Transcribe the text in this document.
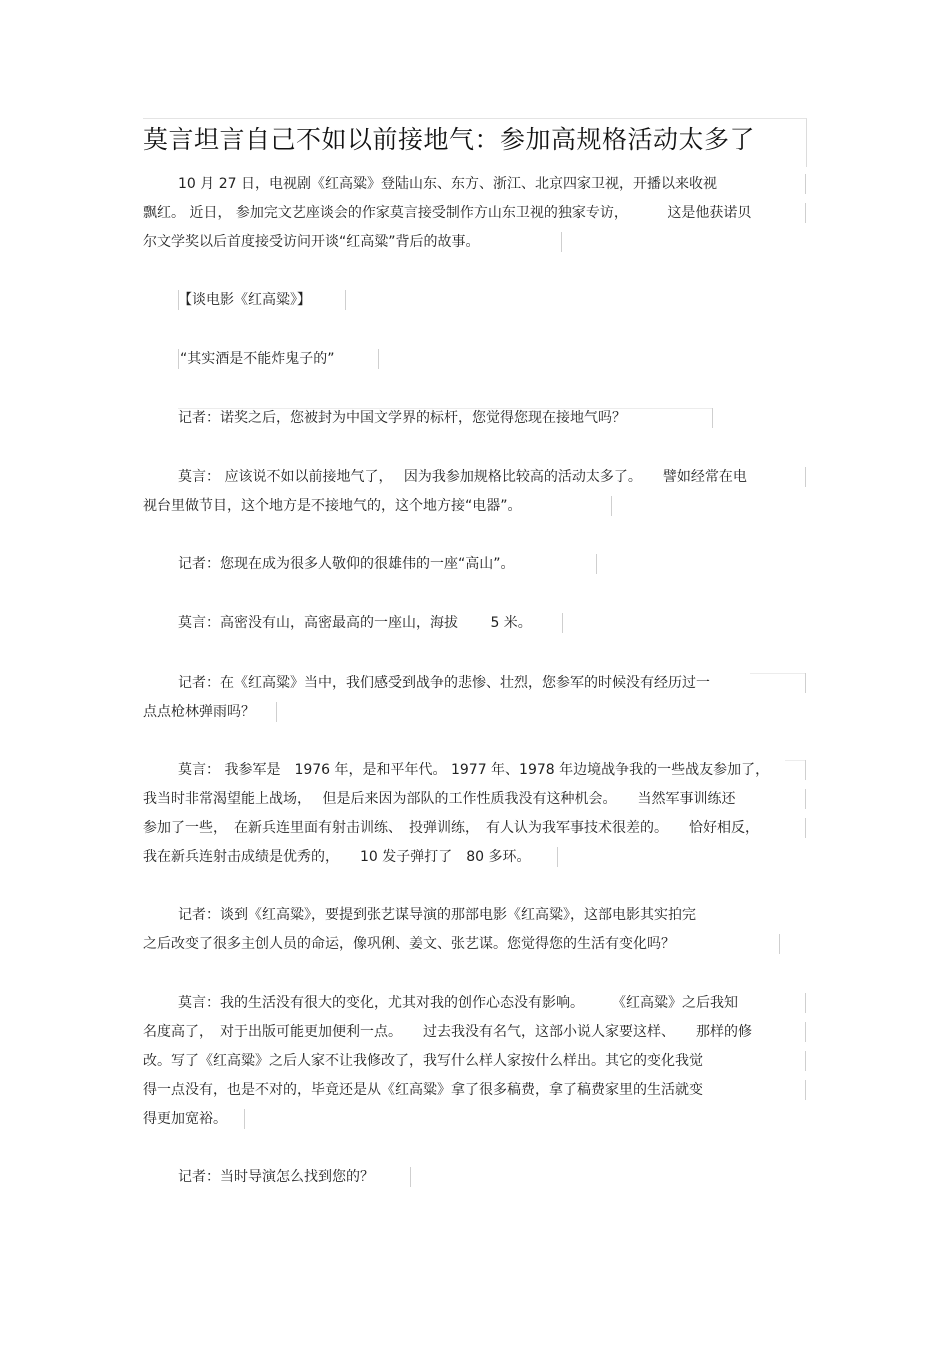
莫言坦言自己不如以前接地气：参加高规格活动太多了
10 月 27 日，电视剧《红高粱》登陆山东、东方、浙江、北京四家卫视，开播以来收视
飘红。 近日， 参加完文艺座谈会的作家莫言接受制作方山东卫视的独家专访，　　　 这是他获诺贝
尔文学奖以后首度接受访问开谈“红高粱”背后的故事。
【谈电影《红高粱》】
“其实酒是不能炸鬼子的”
记者：诺奖之后，您被封为中国文学界的标杆，您觉得您现在接地气吗？
莫言： 应该说不如以前接地气了，　 因为我参加规格比较高的活动太多了。　　譬如经常在电
视台里做节目，这个地方是不接地气的，这个地方接“电器”。
记者：您现在成为很多人敬仰的很雄伟的一座“高山”。
莫言：高密没有山，高密最高的一座山，海拔　　 5 米。
记者：在《红高粱》当中，我们感受到战争的悲惨、壮烈，您参军的时候没有经历过一
点点枪林弹雨吗？
莫言： 我参军是　1976 年，是和平年代。 1977 年、1978 年边境战争我的一些战友参加了，
我当时非常渴望能上战场，　 但是后来因为部队的工作性质我没有这种机会。　　当然军事训练还
参加了一些，　在新兵连里面有射击训练、　投弹训练，　有人认为我军事技术很差的。　　恰好相反，
我在新兵连射击成绩是优秀的，　　10 发子弹打了　80 多环。
记者：谈到《红高粱》，要提到张艺谋导演的那部电影《红高粱》，这部电影其实拍完
之后改变了很多主创人员的命运，像巩俐、姜文、张艺谋。您觉得您的生活有变化吗？
莫言：我的生活没有很大的变化，尤其对我的创作心态没有影响。　　　《红高粱》之后我知
名度高了，　对于出版可能更加便利一点。　　过去我没有名气，这部小说人家要这样、　　那样的修
改。写了《红高粱》之后人家不让我修改了，我写什么样人家按什么样出。其它的变化我觉
得一点没有，也是不对的，毕竟还是从《红高粱》拿了很多稿费，拿了稿费家里的生活就变
得更加宽裕。
记者：当时导演怎么找到您的？
